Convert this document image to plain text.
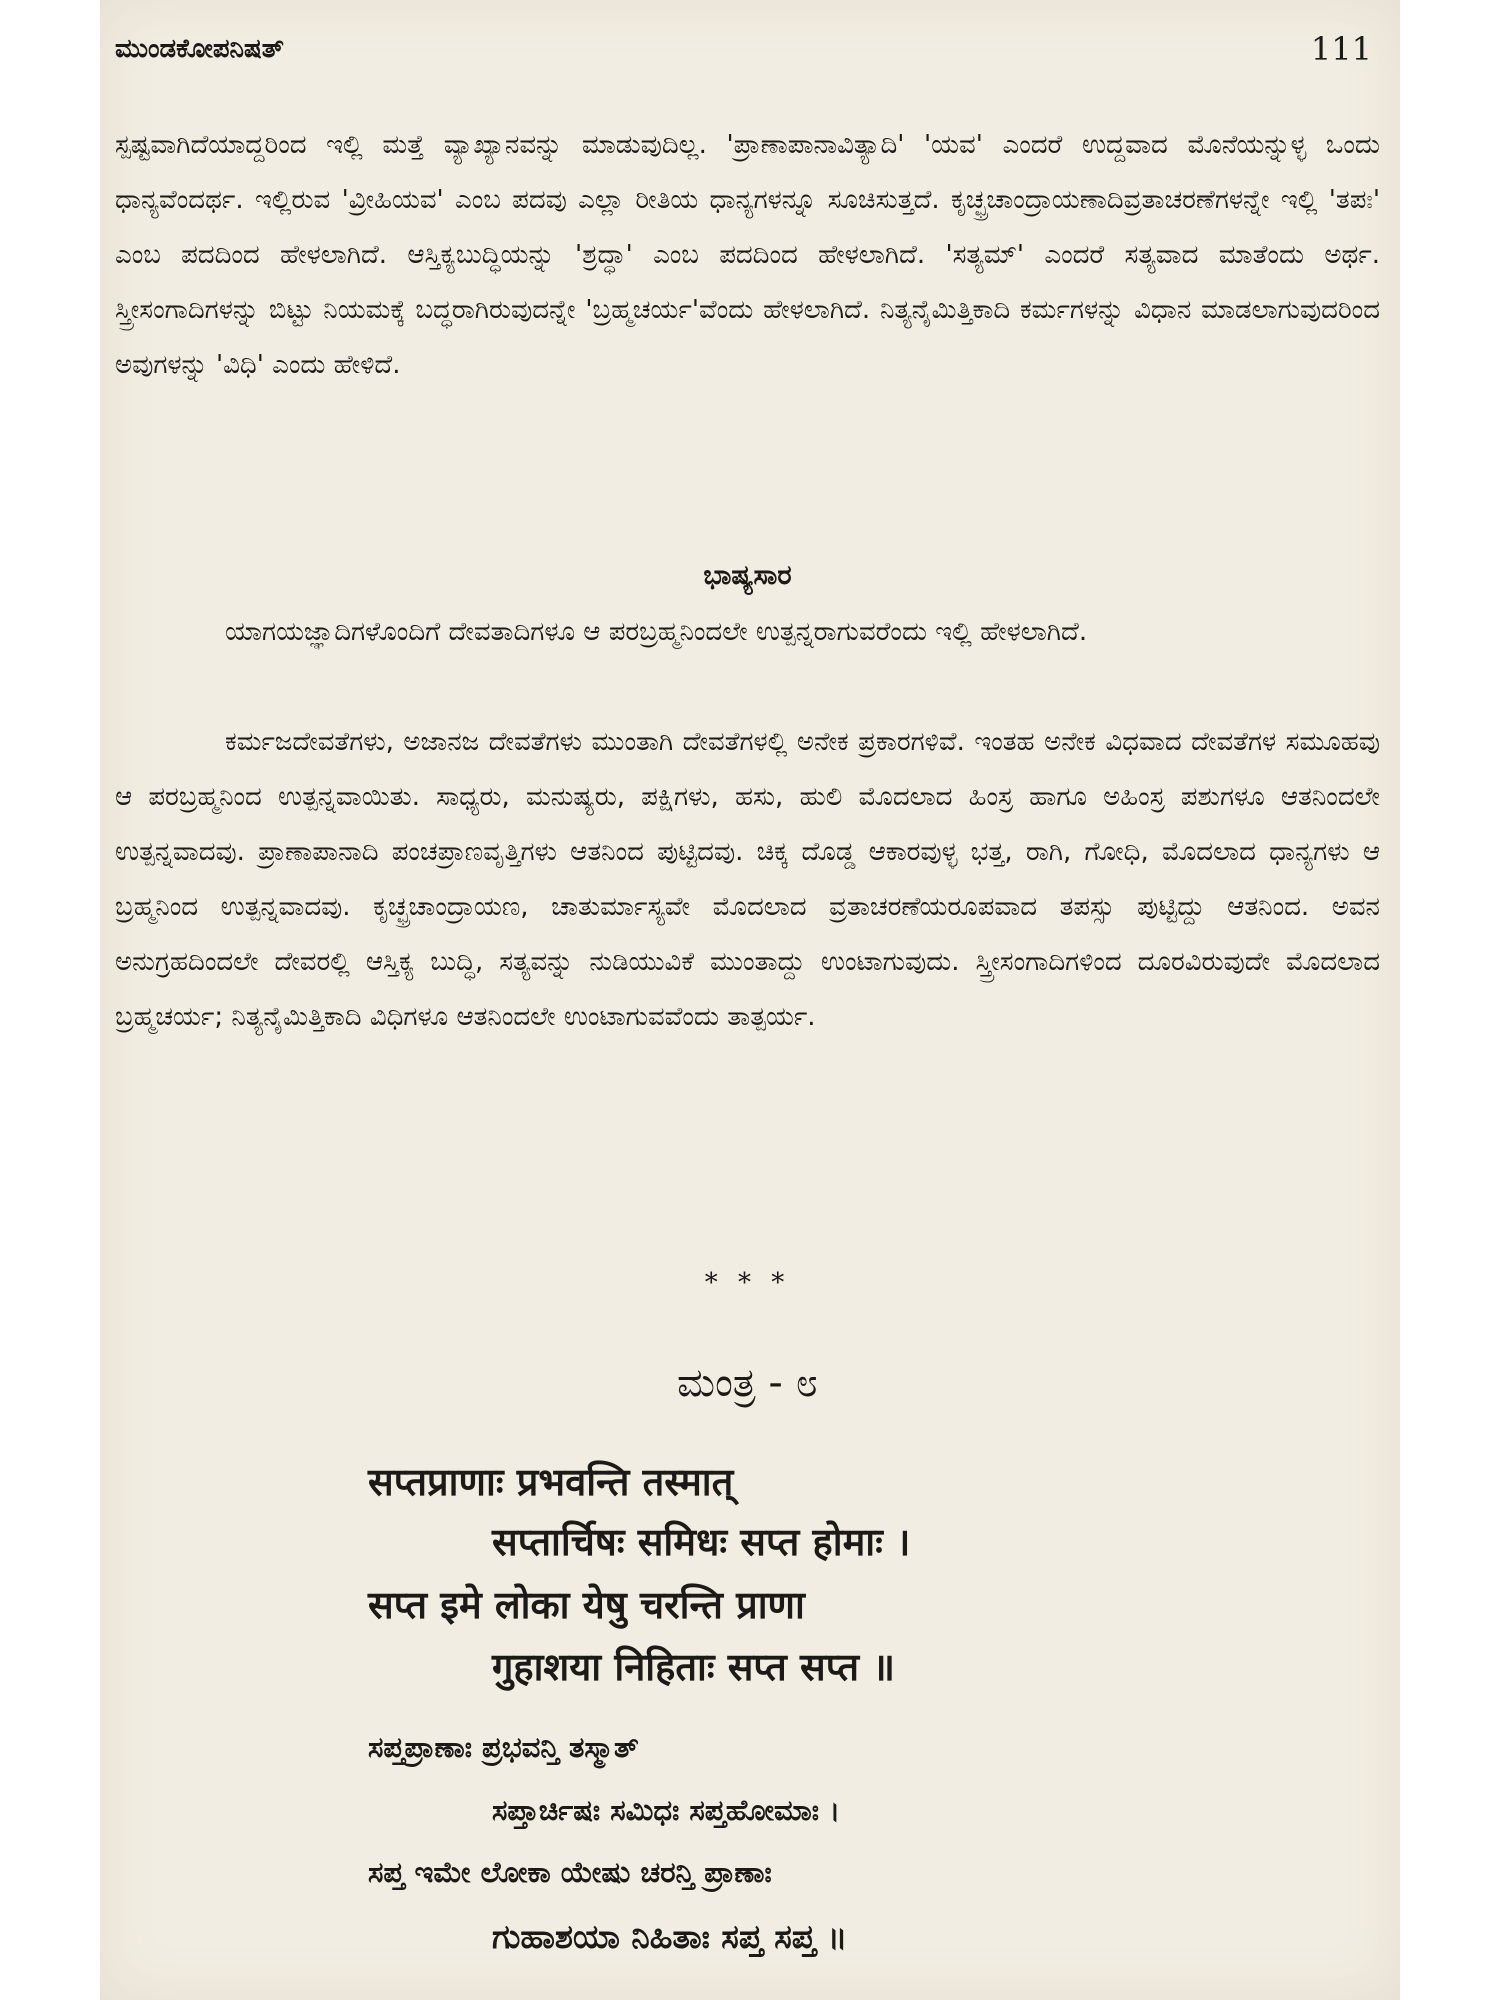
ಮುಂಡಕೋಪನಿಷತ್	111
ಸ್ಪಷ್ಟವಾಗಿದೆಯಾದ್ದರಿಂದ ಇಲ್ಲಿ ಮತ್ತೆ ವ್ಯಾಖ್ಯಾನವನ್ನು ಮಾಡುವುದಿಲ್ಲ. 'ಪ್ರಾಣಾಪಾನಾವಿತ್ಯಾದಿ' 'ಯವ' ಎಂದರೆ ಉದ್ದವಾದ ಮೊನೆಯನ್ನುಳ್ಳ ಒಂದು ಧಾನ್ಯವೆಂದರ್ಥ. ಇಲ್ಲಿರುವ 'ವ್ರೀಹಿಯವ' ಎಂಬ ಪದವು ಎಲ್ಲಾ ರೀತಿಯ ಧಾನ್ಯಗಳನ್ನೂ ಸೂಚಿಸುತ್ತದೆ. ಕೃಚ್ಛ್ರಚಾಂದ್ರಾಯಣಾದಿವ್ರತಾಚರಣೆಗಳನ್ನೇ ಇಲ್ಲಿ 'ತಪಃ' ಎಂಬ ಪದದಿಂದ ಹೇಳಲಾಗಿದೆ. ಆಸ್ತಿಕ್ಯಬುದ್ಧಿಯನ್ನು 'ಶ್ರದ್ಧಾ' ಎಂಬ ಪದದಿಂದ ಹೇಳಲಾಗಿದೆ. 'ಸತ್ಯಮ್' ಎಂದರೆ ಸತ್ಯವಾದ ಮಾತೆಂದು ಅರ್ಥ. ಸ್ತ್ರೀಸಂಗಾದಿಗಳನ್ನು ಬಿಟ್ಟು ನಿಯಮಕ್ಕೆ ಬದ್ಧರಾಗಿರುವುದನ್ನೇ 'ಬ್ರಹ್ಮಚರ್ಯ'ವೆಂದು ಹೇಳಲಾಗಿದೆ. ನಿತ್ಯನೈಮಿತ್ತಿಕಾದಿ ಕರ್ಮಗಳನ್ನು ವಿಧಾನ ಮಾಡಲಾಗುವುದರಿಂದ ಅವುಗಳನ್ನು 'ವಿಧಿ' ಎಂದು ಹೇಳಿದೆ.
ಭಾಷ್ಯಸಾರ
ಯಾಗಯಜ್ಞಾದಿಗಳೊಂದಿಗೆ ದೇವತಾದಿಗಳೂ ಆ ಪರಬ್ರಹ್ಮನಿಂದಲೇ ಉತ್ಪನ್ನರಾಗುವರೆಂದು ಇಲ್ಲಿ ಹೇಳಲಾಗಿದೆ.
ಕರ್ಮಜದೇವತೆಗಳು, ಅಜಾನಜ ದೇವತೆಗಳು ಮುಂತಾಗಿ ದೇವತೆಗಳಲ್ಲಿ ಅನೇಕ ಪ್ರಕಾರಗಳಿವೆ. ಇಂತಹ ಅನೇಕ ವಿಧವಾದ ದೇವತೆಗಳ ಸಮೂಹವು ಆ ಪರಬ್ರಹ್ಮನಿಂದ ಉತ್ಪನ್ನವಾಯಿತು. ಸಾಧ್ಯರು, ಮನುಷ್ಯರು, ಪಕ್ಷಿಗಳು, ಹಸು, ಹುಲಿ ಮೊದಲಾದ ಹಿಂಸ್ರ ಹಾಗೂ ಅಹಿಂಸ್ರ ಪಶುಗಳೂ ಆತನಿಂದಲೇ ಉತ್ಪನ್ನವಾದವು. ಪ್ರಾಣಾಪಾನಾದಿ ಪಂಚಪ್ರಾಣವೃತ್ತಿಗಳು ಆತನಿಂದ ಪುಟ್ಟಿದವು. ಚಿಕ್ಕ ದೊಡ್ಡ ಆಕಾರವುಳ್ಳ ಭತ್ತ, ರಾಗಿ, ಗೋಧಿ, ಮೊದಲಾದ ಧಾನ್ಯಗಳು ಆ ಬ್ರಹ್ಮನಿಂದ ಉತ್ಪನ್ನವಾದವು. ಕೃಚ್ಛ್ರಚಾಂದ್ರಾಯಣ, ಚಾತುರ್ಮಾಸ್ಯವೇ ಮೊದಲಾದ ವ್ರತಾಚರಣೆಯರೂಪವಾದ ತಪಸ್ಸು ಪುಟ್ಟಿದ್ದು ಆತನಿಂದ. ಅವನ ಅನುಗ್ರಹದಿಂದಲೇ ದೇವರಲ್ಲಿ ಆಸ್ತಿಕ್ಯ ಬುದ್ಧಿ, ಸತ್ಯವನ್ನು ನುಡಿಯುವಿಕೆ ಮುಂತಾದ್ದು ಉಂಟಾಗುವುದು. ಸ್ತ್ರೀಸಂಗಾದಿಗಳಿಂದ ದೂರವಿರುವುದೇ ಮೊದಲಾದ ಬ್ರಹ್ಮಚರ್ಯ; ನಿತ್ಯನೈಮಿತ್ತಿಕಾದಿ ವಿಧಿಗಳೂ ಆತನಿಂದಲೇ ಉಂಟಾಗುವವೆಂದು ತಾತ್ಪರ್ಯ.
* * *
ಮಂತ್ರ - ೮
सप्तप्राणाः प्रभवन्ति तस्मात्
सप्तार्चिषः समिधः सप्त होमाः ।
सप्त इमे लोका येषु चरन्ति प्राणा
गुहाशया निहिताः सप्त सप्त ॥
ಸಪ್ತಪ್ರಾಣಾಃ ಪ್ರಭವನ್ತಿ ತಸ್ಮಾತ್
ಸಪ್ತಾರ್ಚಿಷಃ ಸಮಿಧಃ ಸಪ್ತಹೋಮಾಃ ।
ಸಪ್ತ ಇಮೇ ಲೋಕಾ ಯೇಷು ಚರನ್ತಿ ಪ್ರಾಣಾಃ
ಗುಹಾಶಯಾ ನಿಹಿತಾಃ ಸಪ್ತ ಸಪ್ತ ॥
